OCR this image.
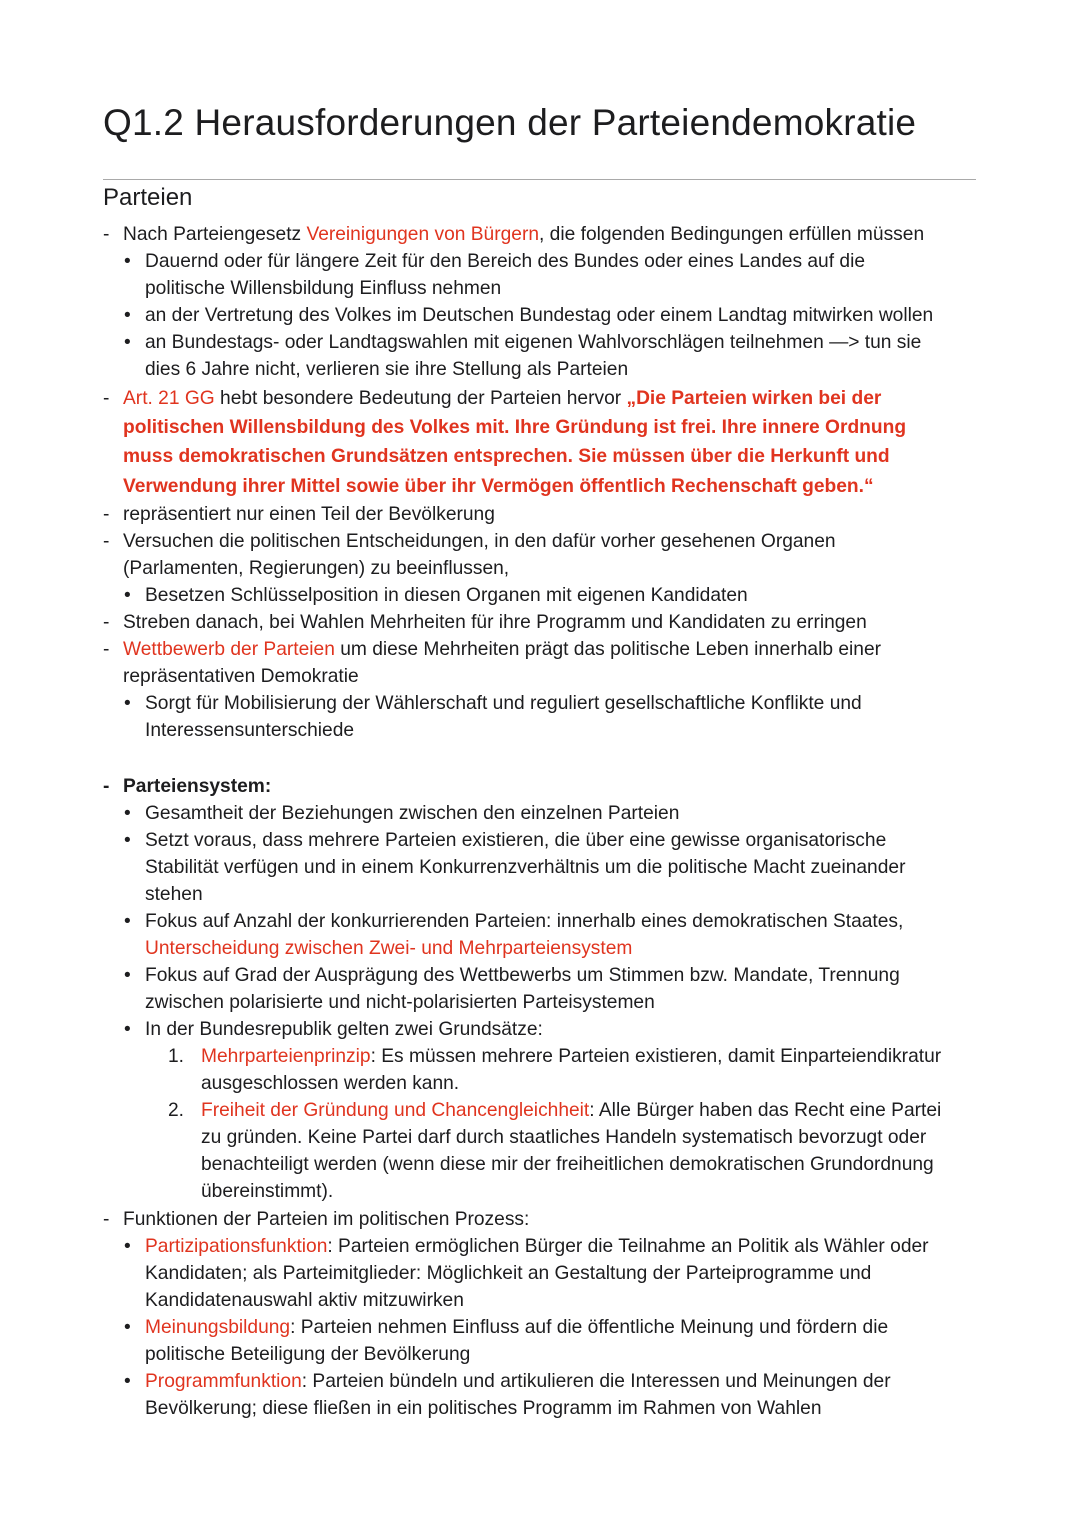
Q1.2 Herausforderungen der Parteiendemokratie
Parteien
- Nach Parteiengesetz Vereinigungen von Bürgern, die folgenden Bedingungen erfüllen müssen
• Dauernd oder für längere Zeit für den Bereich des Bundes oder eines Landes auf die
politische Willensbildung Einfluss nehmen
• an der Vertretung des Volkes im Deutschen Bundestag oder einem Landtag mitwirken wollen
• an Bundestags- oder Landtagswahlen mit eigenen Wahlvorschlägen teilnehmen —> tun sie
dies 6 Jahre nicht, verlieren sie ihre Stellung als Parteien
- Art. 21 GG hebt besondere Bedeutung der Parteien hervor „Die Parteien wirken bei der
politischen Willensbildung des Volkes mit. Ihre Gründung ist frei. Ihre innere Ordnung
muss demokratischen Grundsätzen entsprechen. Sie müssen über die Herkunft und
Verwendung ihrer Mittel sowie über ihr Vermögen öffentlich Rechenschaft geben.“
- repräsentiert nur einen Teil der Bevölkerung
- Versuchen die politischen Entscheidungen, in den dafür vorher gesehenen Organen
(Parlamenten, Regierungen) zu beeinflussen,
• Besetzen Schlüsselposition in diesen Organen mit eigenen Kandidaten
- Streben danach, bei Wahlen Mehrheiten für ihre Programm und Kandidaten zu erringen
- Wettbewerb der Parteien um diese Mehrheiten prägt das politische Leben innerhalb einer
repräsentativen Demokratie
• Sorgt für Mobilisierung der Wählerschaft und reguliert gesellschaftliche Konflikte und
Interessensunterschiede
- Parteiensystem:
• Gesamtheit der Beziehungen zwischen den einzelnen Parteien
• Setzt voraus, dass mehrere Parteien existieren, die über eine gewisse organisatorische
Stabilität verfügen und in einem Konkurrenzverhältnis um die politische Macht zueinander
stehen
• Fokus auf Anzahl der konkurrierenden Parteien: innerhalb eines demokratischen Staates,
Unterscheidung zwischen Zwei- und Mehrparteiensystem
• Fokus auf Grad der Ausprägung des Wettbewerbs um Stimmen bzw. Mandate, Trennung
zwischen polarisierte und nicht-polarisierten Parteisystemen
• In der Bundesrepublik gelten zwei Grundsätze:
1. Mehrparteienprinzip: Es müssen mehrere Parteien existieren, damit Einparteiendikratur
ausgeschlossen werden kann.
2. Freiheit der Gründung und Chancengleichheit: Alle Bürger haben das Recht eine Partei
zu gründen. Keine Partei darf durch staatliches Handeln systematisch bevorzugt oder
benachteiligt werden (wenn diese mir der freiheitlichen demokratischen Grundordnung
übereinstimmt).
- Funktionen der Parteien im politischen Prozess:
• Partizipationsfunktion: Parteien ermöglichen Bürger die Teilnahme an Politik als Wähler oder
Kandidaten; als Parteimitglieder: Möglichkeit an Gestaltung der Parteiprogramme und
Kandidatenauswahl aktiv mitzuwirken
• Meinungsbildung: Parteien nehmen Einfluss auf die öffentliche Meinung und fördern die
politische Beteiligung der Bevölkerung
• Programmfunktion: Parteien bündeln und artikulieren die Interessen und Meinungen der
Bevölkerung; diese fließen in ein politisches Programm im Rahmen von Wahlen
